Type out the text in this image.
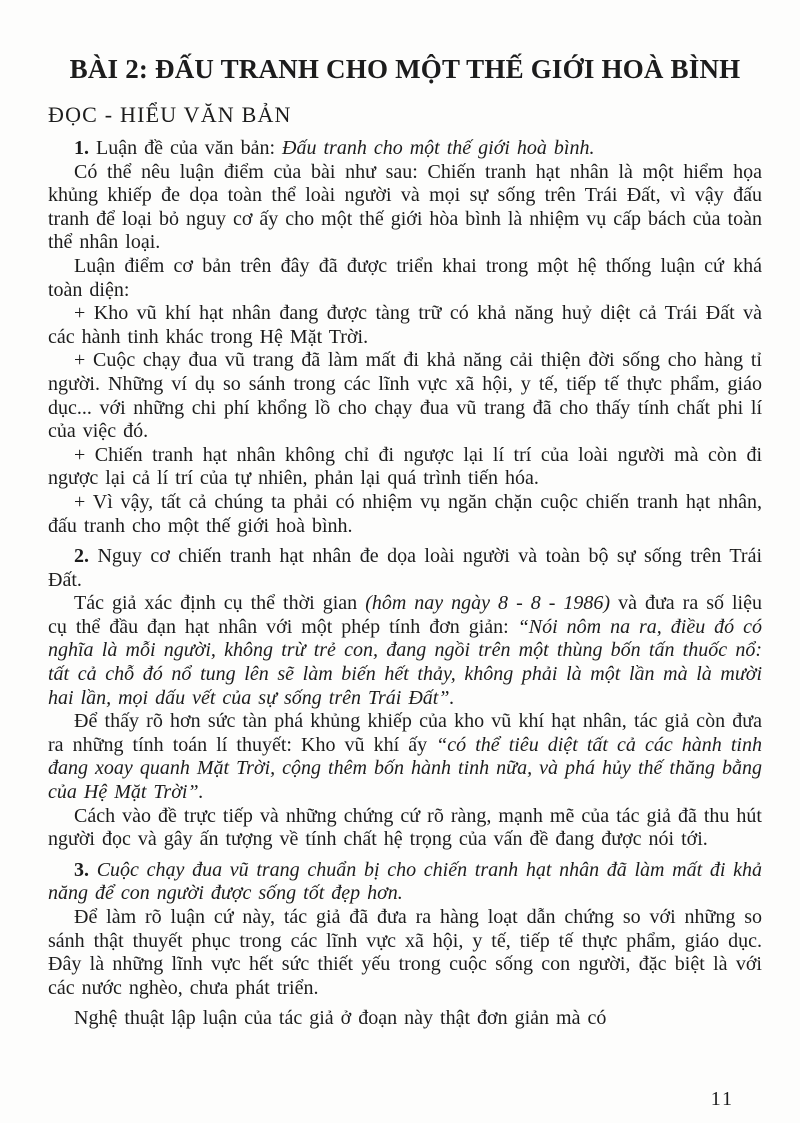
BÀI 2: ĐẤU TRANH CHO MỘT THẾ GIỚI HOÀ BÌNH
ĐỌC - HIỂU VĂN BẢN

1. Luận đề của văn bản: Đấu tranh cho một thế giới hoà bình.

Có thể nêu luận điểm của bài như sau: Chiến tranh hạt nhân là một hiểm họa khủng khiếp đe dọa toàn thể loài người và mọi sự sống trên Trái Đất, vì vậy đấu tranh để loại bỏ nguy cơ ấy cho một thế giới hòa bình là nhiệm vụ cấp bách của toàn thể nhân loại.

Luận điểm cơ bản trên đây đã được triển khai trong một hệ thống luận cứ khá toàn diện:

+ Kho vũ khí hạt nhân đang được tàng trữ có khả năng huỷ diệt cả Trái Đất và các hành tinh khác trong Hệ Mặt Trời.

+ Cuộc chạy đua vũ trang đã làm mất đi khả năng cải thiện đời sống cho hàng tỉ người. Những ví dụ so sánh trong các lĩnh vực xã hội, y tế, tiếp tế thực phẩm, giáo dục... với những chi phí khổng lồ cho chạy đua vũ trang đã cho thấy tính chất phi lí của việc đó.

+ Chiến tranh hạt nhân không chỉ đi ngược lại lí trí của loài người mà còn đi ngược lại cả lí trí của tự nhiên, phản lại quá trình tiến hóa.

+ Vì vậy, tất cả chúng ta phải có nhiệm vụ ngăn chặn cuộc chiến tranh hạt nhân, đấu tranh cho một thế giới hoà bình.

2. Nguy cơ chiến tranh hạt nhân đe dọa loài người và toàn bộ sự sống trên Trái Đất.

Tác giả xác định cụ thể thời gian (hôm nay ngày 8 - 8 - 1986) và đưa ra số liệu cụ thể đầu đạn hạt nhân với một phép tính đơn giản: “Nói nôm na ra, điều đó có nghĩa là mỗi người, không trừ trẻ con, đang ngồi trên một thùng bốn tấn thuốc nổ: tất cả chỗ đó nổ tung lên sẽ làm biến hết thảy, không phải là một lần mà là mười hai lần, mọi dấu vết của sự sống trên Trái Đất”.

Để thấy rõ hơn sức tàn phá khủng khiếp của kho vũ khí hạt nhân, tác giả còn đưa ra những tính toán lí thuyết: Kho vũ khí ấy “có thể tiêu diệt tất cả các hành tinh đang xoay quanh Mặt Trời, cộng thêm bốn hành tinh nữa, và phá hủy thế thăng bằng của Hệ Mặt Trời”.

Cách vào đề trực tiếp và những chứng cứ rõ ràng, mạnh mẽ của tác giả đã thu hút người đọc và gây ấn tượng về tính chất hệ trọng của vấn đề đang được nói tới.

3. Cuộc chạy đua vũ trang chuẩn bị cho chiến tranh hạt nhân đã làm mất đi khả năng để con người được sống tốt đẹp hơn.

Để làm rõ luận cứ này, tác giả đã đưa ra hàng loạt dẫn chứng so với những so sánh thật thuyết phục trong các lĩnh vực xã hội, y tế, tiếp tế thực phẩm, giáo dục. Đây là những lĩnh vực hết sức thiết yếu trong cuộc sống con người, đặc biệt là với các nước nghèo, chưa phát triển.

Nghệ thuật lập luận của tác giả ở đoạn này thật đơn giản mà có

11
